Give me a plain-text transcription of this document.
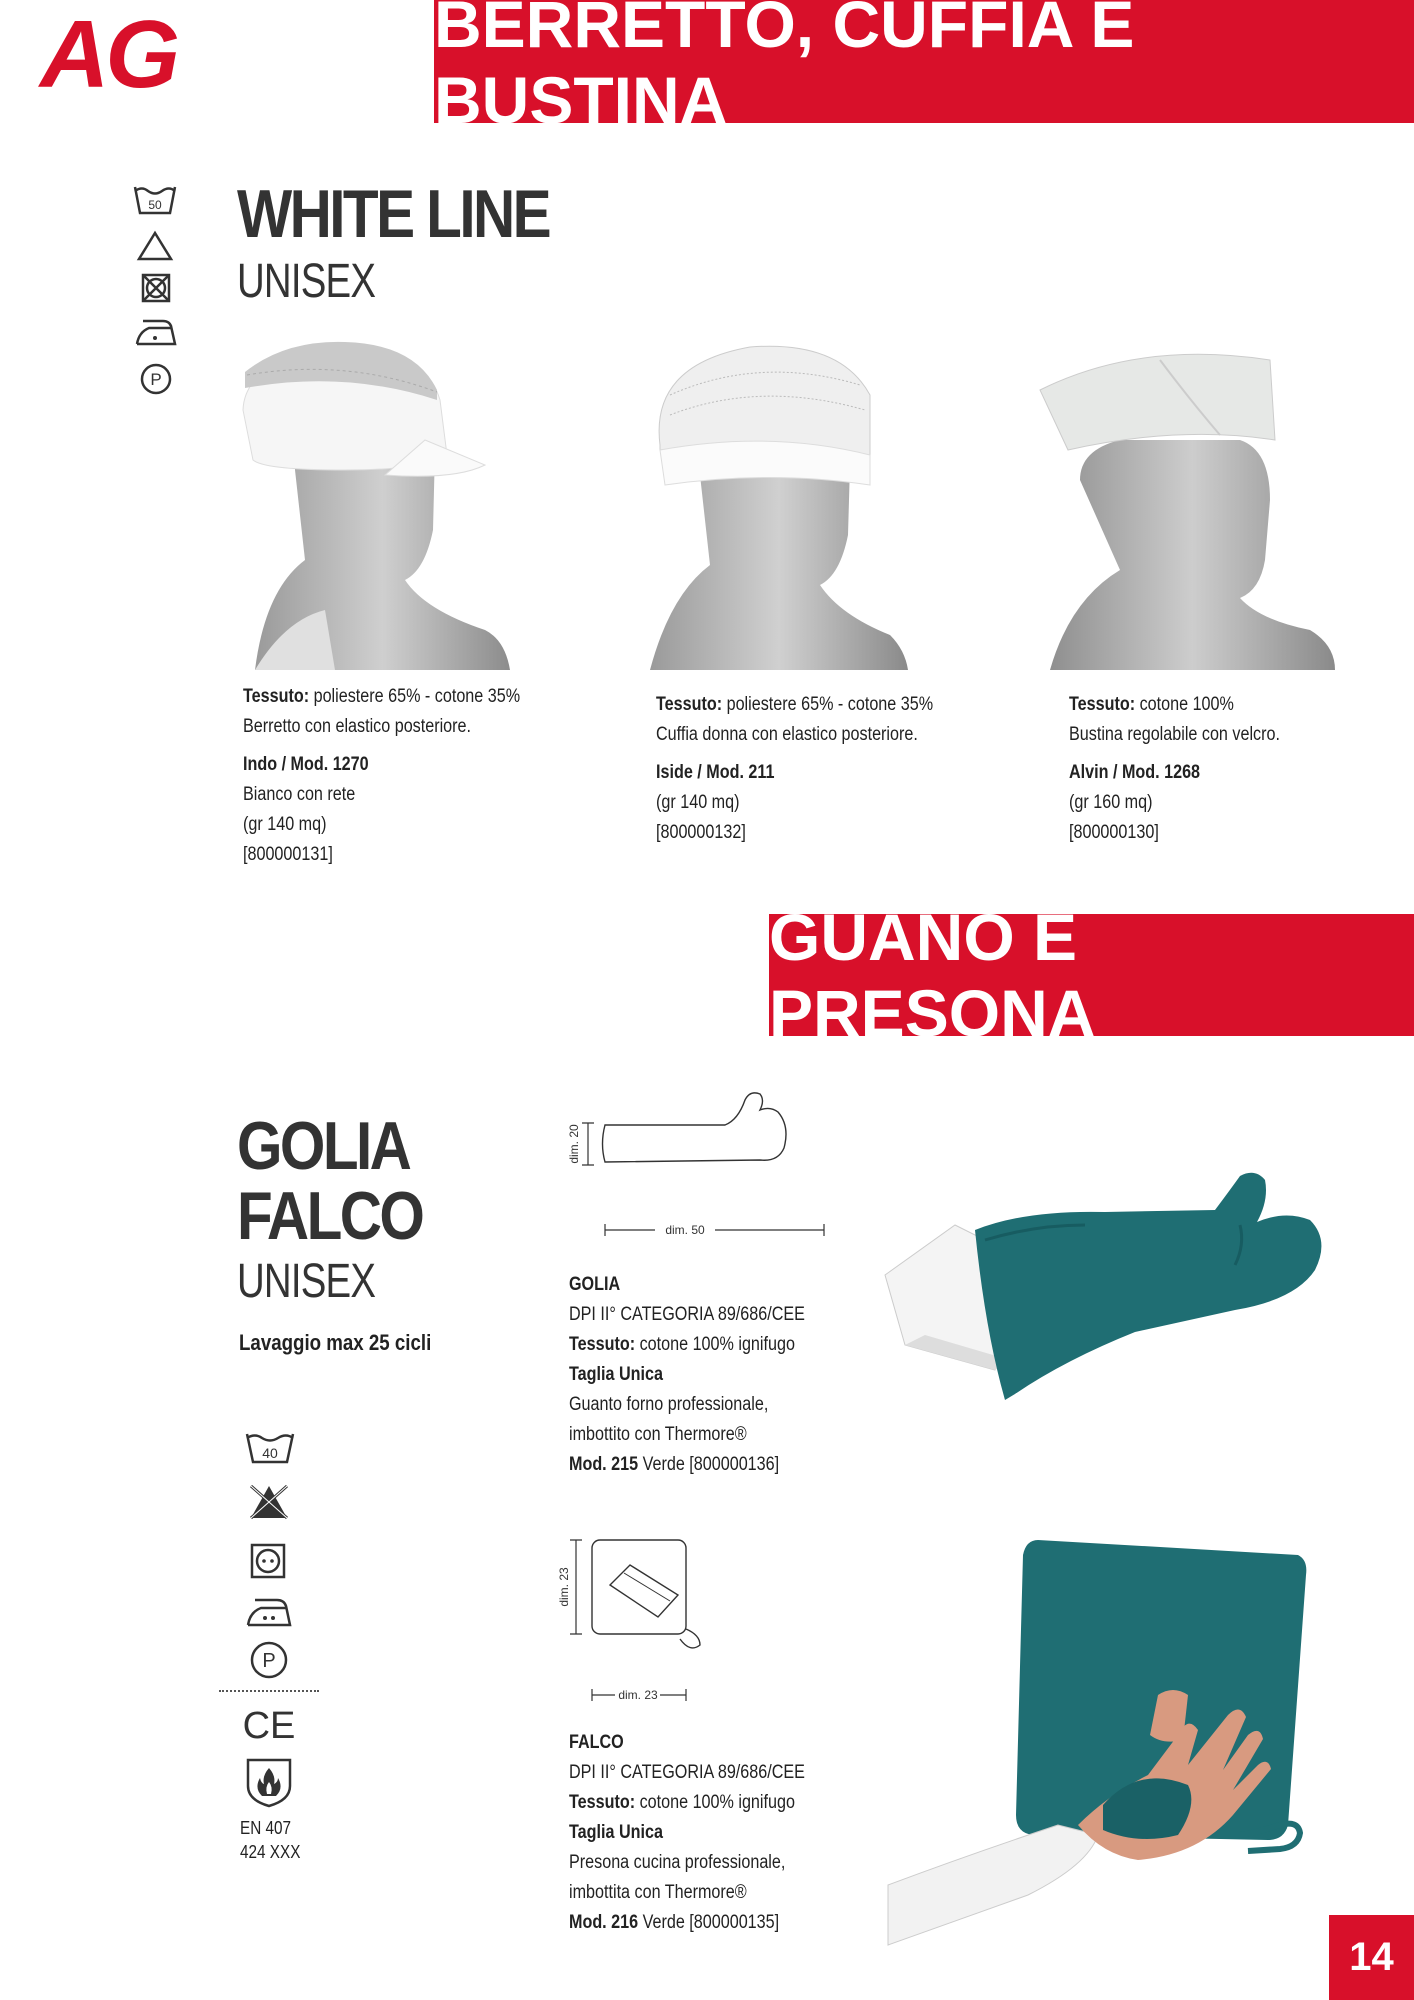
AG	BERRETTO, CUFFIA E BUSTINA
50
P
WHITE LINE
UNISEX
Tessuto: poliestere 65% - cotone 35%
Berretto con elastico posteriore.
Indo / Mod. 1270
Bianco con rete
(gr 140 mq)
[800000131]
Tessuto: poliestere 65% - cotone 35%
Cuffia donna con elastico posteriore.
Iside / Mod. 211
(gr 140 mq)
[800000132]
Tessuto: cotone 100%
Bustina regolabile con velcro.
Alvin / Mod. 1268
(gr 160 mq)
[800000130]
GUANO E PRESONA
GOLIA
FALCO
UNISEX
Lavaggio max 25 cicli
40
P
CE
EN 407
424 XXX
dim. 20
dim. 50
GOLIA
DPI II° CATEGORIA 89/686/CEE
Tessuto: cotone 100% ignifugo
Taglia Unica
Guanto forno professionale,
imbottito con Thermore®
Mod. 215 Verde [800000136]
dim. 23
dim. 23
FALCO
DPI II° CATEGORIA 89/686/CEE
Tessuto: cotone 100% ignifugo
Taglia Unica
Presona cucina professionale,
imbottita con Thermore®
Mod. 216 Verde [800000135]
14
